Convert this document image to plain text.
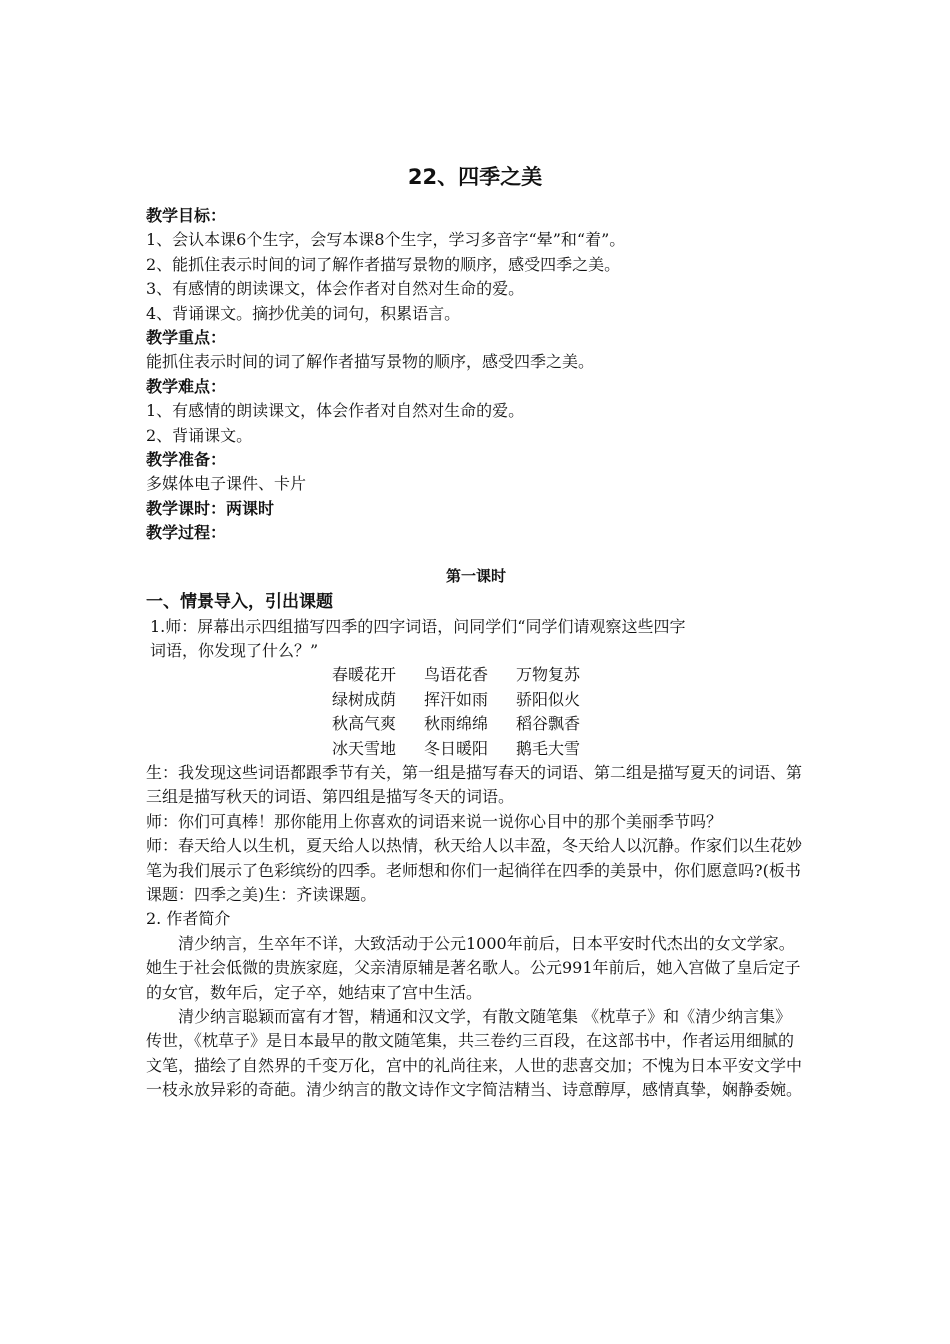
22、四季之美
教学目标：
1、会认本课6个生字，会写本课8个生字，学习多音字“晕”和“着”。
2、能抓住表示时间的词了解作者描写景物的顺序，感受四季之美。
3、有感情的朗读课文，体会作者对自然对生命的爱。
4、背诵课文。摘抄优美的词句，积累语言。
教学重点：
能抓住表示时间的词了解作者描写景物的顺序，感受四季之美。
教学难点：
1、有感情的朗读课文，体会作者对自然对生命的爱。
2、背诵课文。
教学准备：
多媒体电子课件、卡片
教学课时：两课时
教学过程：
第一课时
一、情景导入，引出课题
1.师：屏幕出示四组描写四季的四字词语，问同学们“同学们请观察这些四字
词语，你发现了什么？”
春暖花开	鸟语花香	万物复苏
绿树成荫	挥汗如雨	骄阳似火
秋高气爽	秋雨绵绵	稻谷飘香
冰天雪地	冬日暖阳	鹅毛大雪
生：我发现这些词语都跟季节有关，第一组是描写春天的词语、第二组是描写夏天的词语、第三组是描写秋天的词语、第四组是描写冬天的词语。
师：你们可真棒！那你能用上你喜欢的词语来说一说你心目中的那个美丽季节吗？
师：春天给人以生机，夏天给人以热情，秋天给人以丰盈，冬天给人以沉静。作家们以生花妙笔为我们展示了色彩缤纷的四季。老师想和你们一起徜徉在四季的美景中，你们愿意吗?(板书课题：四季之美)生：齐读课题。
2. 作者简介
清少纳言，生卒年不详，大致活动于公元1000年前后，日本平安时代杰出的女文学家。她生于社会低微的贵族家庭，父亲清原辅是著名歌人。公元991年前后，她入宫做了皇后定子的女官，数年后，定子卒，她结束了宫中生活。
清少纳言聪颖而富有才智，精通和汉文学，有散文随笔集 《枕草子》和《清少纳言集》传世，《枕草子》是日本最早的散文随笔集，共三卷约三百段，在这部书中，作者运用细腻的文笔，描绘了自然界的千变万化，宫中的礼尚往来，人世的悲喜交加；不愧为日本平安文学中一枝永放异彩的奇葩。清少纳言的散文诗作文字简洁精当、诗意醇厚，感情真挚，娴静委婉。
